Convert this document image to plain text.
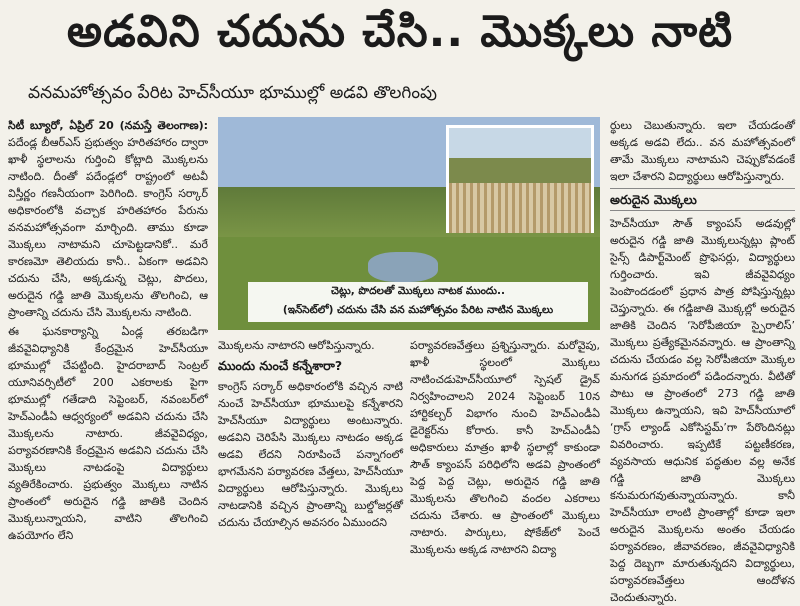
అడవిని చదును చేసి.. మొక్కలు నాటి
వనమహోత్సవం పేరిట హెచ్‌సీయూ భూముల్లో అడవి తొలగింపు

సిటీ బ్యూరో, ఏప్రిల్ 20 (నమస్తే తెలంగాణ): పదేండ్ల బీఆర్‌ఎస్ ప్రభుత్వం హరితహారం ద్వారా ఖాళీ స్థలాలను గుర్తించి కోట్లాది మొక్కలను నాటింది. దీంతో పదేండ్లలో రాష్ట్రంలో అటవీ విస్తీర్ణం గణనీయంగా పెరిగింది. కాంగ్రెస్ సర్కార్ అధికారంలోకి వచ్చాక హరితహారం పేరును వనమహోత్సవంగా మార్చింది. తాము కూడా మొక్కలు నాటామని చూపెట్టడానికో.. మరే కారణమో తెలియదు కానీ.. ఏకంగా అడవిని చదును చేసి, అక్కడున్న చెట్లు, పొదలు, అరుదైన గడ్డి జాతి మొక్కలను తొలగించి, ఆ ప్రాంతాన్ని చదును చేసి మొక్కలను నాటింది.

ఈ ఘనకార్యాన్ని ఏండ్ల తరబడిగా జీవవైవిధ్యానికి కేంద్రమైన హెచ్‌సీయూ భూముల్లో చేపట్టింది. హైదరాబాద్ సెంట్రల్ యూనివర్సిటీలో 200 ఎకరాలకు పైగా భూముల్లో గతేడాది సెప్టెంబర్, నవంబర్‌లో హెచ్‌ఎండీఏ ఆధ్వర్యంలో అడవిని చదును చేసి మొక్కలను నాటారు. జీవవైవిధ్యం, పర్యావరణానికి కేంద్రమైన అడవిని చదును చేసి మొక్కలు నాటడంపై విద్యార్థులు వ్యతిరేకించారు. ప్రభుత్వం మొక్కలు నాటిన ప్రాంతంలో అరుదైన గడ్డి జాతికి చెందిన మొక్కలున్నాయని, వాటిని తొలగించి ఉపయోగం లేని

చెట్లు, పొదలతో మొక్కలు నాటక ముందు..
(ఇన్‌సెట్‌లో) చదును చేసి వన మహోత్సవం పేరిట నాటిన మొక్కలు

మొక్కలను నాటారని ఆరోపిస్తున్నారు.

ముందు నుంచే కన్నేశారా?

కాంగ్రెస్ సర్కార్ అధికారంలోకి వచ్చిన నాటి నుంచే హెచ్‌సీయూ భూములపై కన్నేశారని హెచ్‌సీయూ విద్యార్థులు అంటున్నారు. అడవిని చెరిపేసి మొక్కలు నాటడం అక్కడ అడవి లేదని నిరూపించే పన్నాగంలో భాగమేనని పర్యావరణ వేత్తలు, హెచ్‌సీయూ విద్యార్థులు ఆరోపిస్తున్నారు. మొక్కలు నాటడానికి వచ్చిన ప్రాంతాన్ని బుల్డోజర్లతో చదును చేయాల్సిన అవసరం ఏముందని

పర్యావరణవేత్తలు ప్రశ్నిస్తున్నారు. మరోవైపు, ఖాళీ స్థలంలో మొక్కలు నాటించడుహెచ్‌సీయూలో స్పెషల్ డ్రైవ్ నిర్వహించాలని 2024 సెప్టెంబర్ 10న హార్టికల్చర్ విభాగం నుంచి హెచ్‌ఎండీఏ డైరెక్టర్‌ను కోరారు. కానీ హెచ్‌ఎండీఏ అధికారులు మాత్రం ఖాళీ స్థలాల్లో కాకుండా సౌత్ క్యాంపస్ పరిధిలోని అడవి ప్రాంతంలో పెద్ద పెద్ద చెట్లు, అరుదైన గడ్డి జాతి మొక్కలను తొలగించి వందల ఎకరాలు చదును చేశారు. ఆ ప్రాంతంలో మొక్కలు నాటారు. పార్కులు, షోకేజ్‌లో పెంచే మొక్కలను అక్కడ నాటారని విద్యా

ర్థులు చెబుతున్నారు. ఇలా చేయడంతో అక్కడ అడవి లేదు.. వన మహోత్సవంలో తామే మొక్కలు నాటామని చెప్పుకోవడంకే ఇలా చేశారని విద్యార్థులు ఆరోపిస్తున్నారు.

అరుదైన మొక్కలు

హెచ్‌సీయూ సౌత్ క్యాంపస్ అడవుల్లో అరుదైన గడ్డి జాతి మొక్కలున్నట్లు ప్లాంట్ సైన్స్ డిపార్ట్‌మెంట్ ప్రొఫెసర్లు, విద్యార్థులు గుర్తించారు. ఇవి జీవవైవిధ్యం పెంపొందడంలో ప్రధాన పాత్ర పోషిస్తున్నట్లు చెప్తున్నారు. ఈ గడ్డిజాతి మొక్కల్లో అరుదైన జాతికి చెందిన ‘సెరోపీజియా స్పైరాలిస్’ మొక్కలు ప్రత్యేకమైనవన్నారు. ఆ ప్రాంతాన్ని చదును చేయడం వల్ల సెరోపీజియా మొక్కల మనుగడ ప్రమాదంలో పడిందన్నారు. వీటితో పాటు ఆ ప్రాంతంలో 273 గడ్డి జాతి మొక్కలు ఉన్నాయని, ఇవి హెచ్‌సీయూలో ‘గ్రాస్ ల్యాండ్ ఎకోసిస్టమ్’గా పేరొందినట్లు వివరించారు. ఇప్పటికే పట్టణీకరణ, వ్యవసాయ ఆధునిక పద్ధతుల వల్ల అనేక గడ్డి జాతి మొక్కలు కనుమరుగవుతున్నాయన్నారు. కానీ హెచ్‌సీయూ లాంటి ప్రాంతాల్లో కూడా ఇలా అరుదైన మొక్కలను అంతం చేయడం పర్యావరణం, జీవావరణం, జీవవైవిధ్యానికి పెద్ద దెబ్బగా మారుతున్నదని విద్యార్థులు, పర్యావరణవేత్తలు ఆందోళన చెందుతున్నారు.
